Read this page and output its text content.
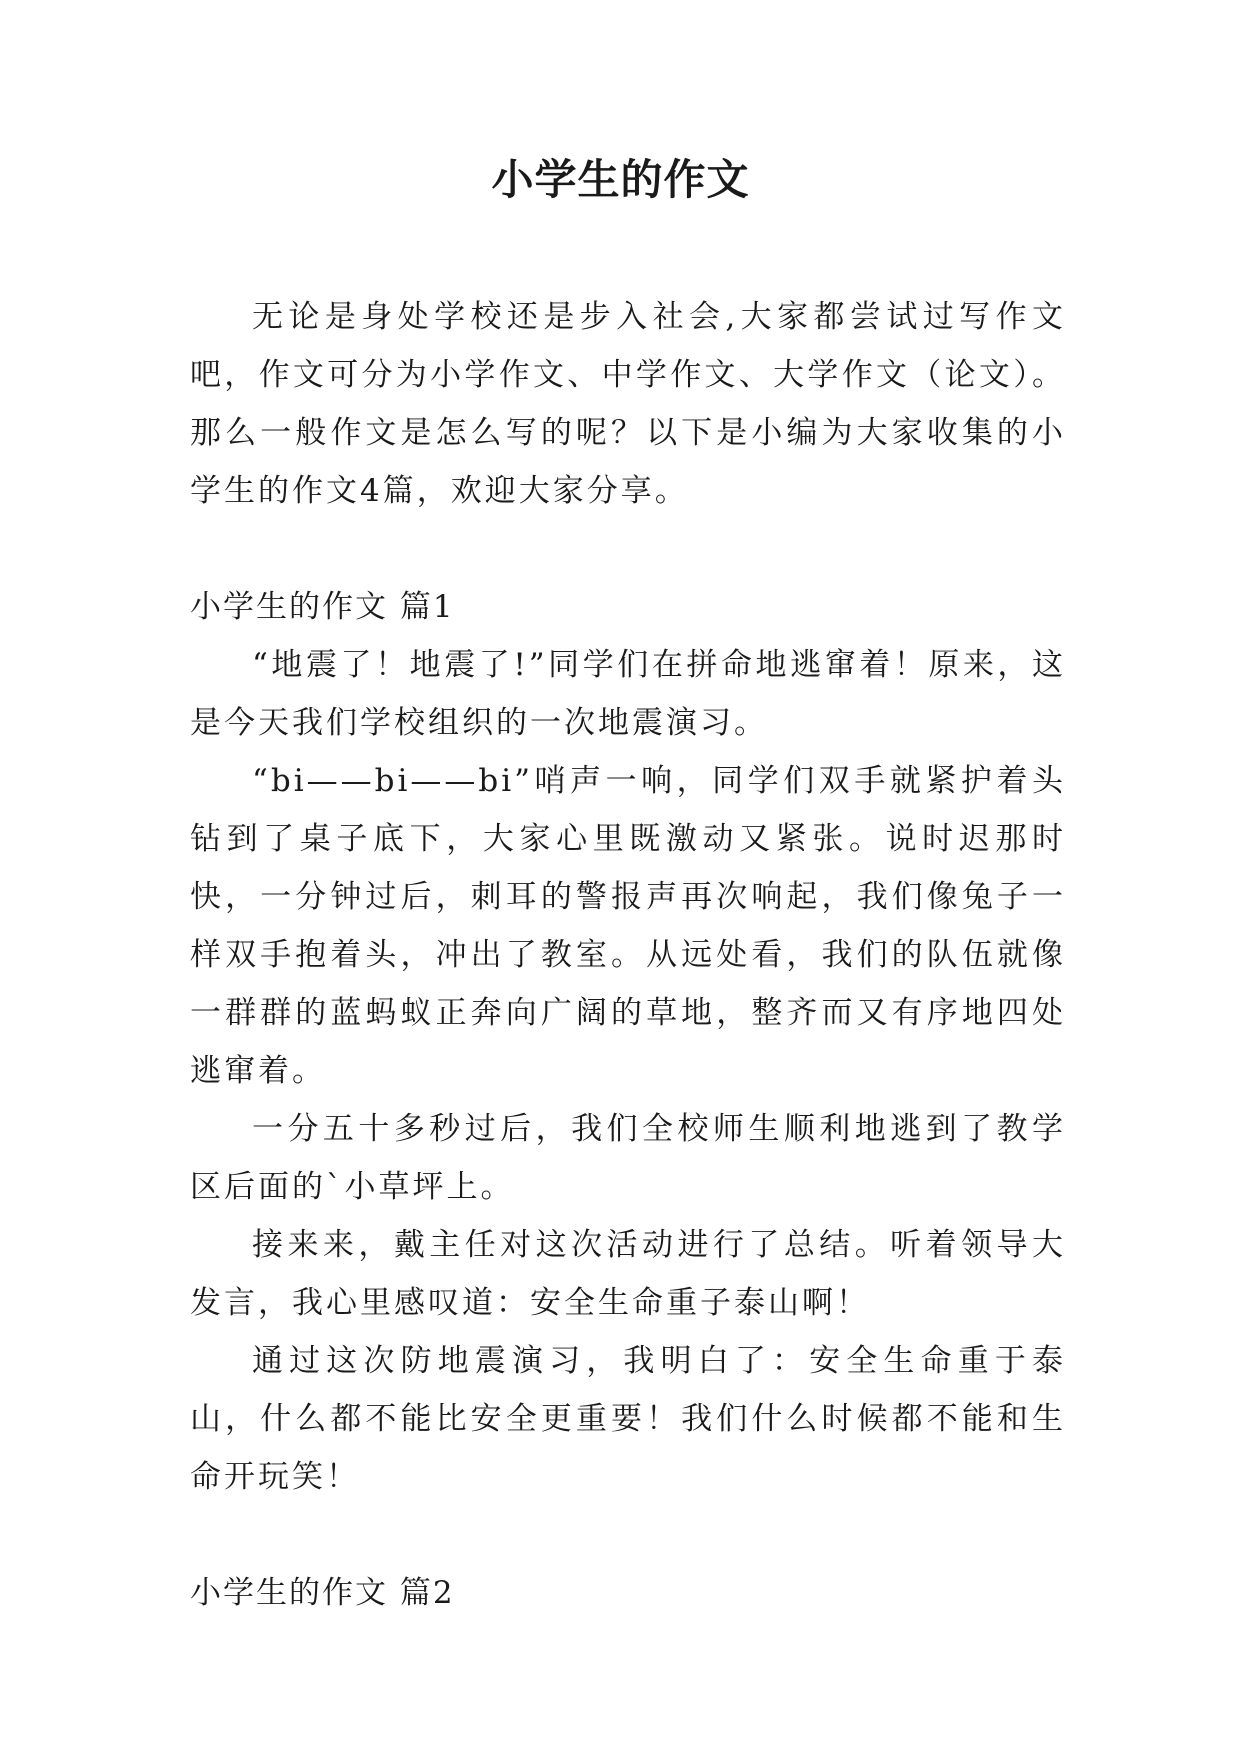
小学生的作文

无论是身处学校还是步入社会,大家都尝试过写作文吧，作文可分为小学作文、中学作文、大学作文（论文）。那么一般作文是怎么写的呢？以下是小编为大家收集的小学生的作文4篇，欢迎大家分享。

小学生的作文 篇1

“地震了！地震了!”同学们在拼命地逃窜着！原来，这是今天我们学校组织的一次地震演习。

“bi——bi——bi”哨声一响，同学们双手就紧护着头钻到了桌子底下，大家心里既激动又紧张。说时迟那时快，一分钟过后，刺耳的警报声再次响起，我们像兔子一样双手抱着头，冲出了教室。从远处看，我们的队伍就像一群群的蓝蚂蚁正奔向广阔的草地，整齐而又有序地四处逃窜着。

一分五十多秒过后，我们全校师生顺利地逃到了教学区后面的`小草坪上。

接来来，戴主任对这次活动进行了总结。听着领导大发言，我心里感叹道：安全生命重子泰山啊！

通过这次防地震演习，我明白了：安全生命重于泰山，什么都不能比安全更重要！我们什么时候都不能和生命开玩笑！

小学生的作文 篇2
